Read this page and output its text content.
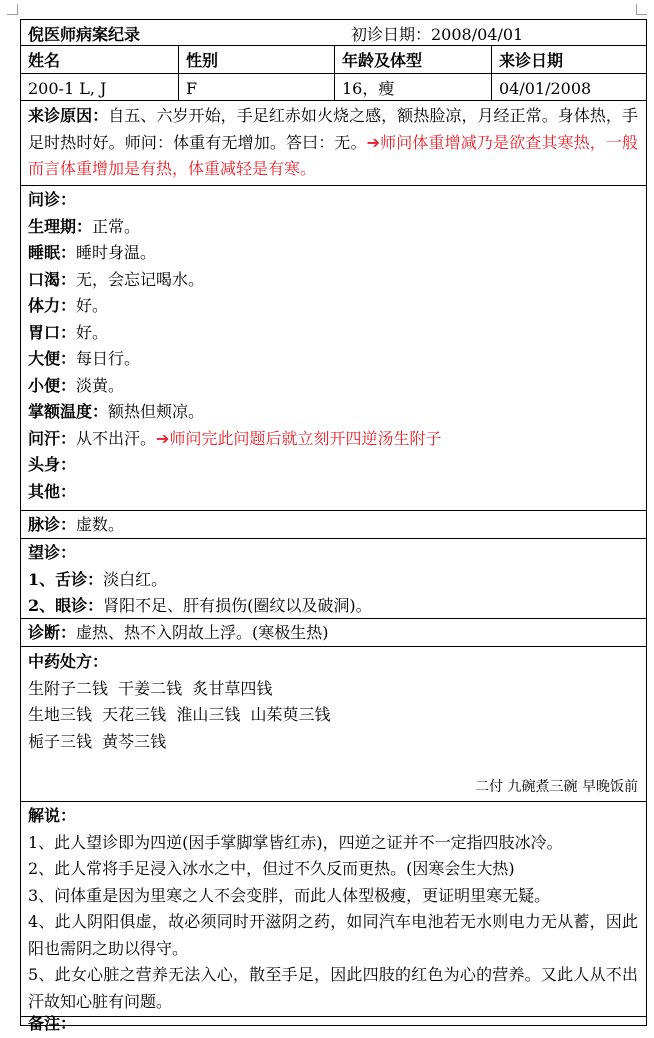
倪医师病案纪录	初诊日期：2008/04/01
姓名	性别	年龄及体型	来诊日期
200-1 L, J	F	16，瘦	04/01/2008
来诊原因：自五、六岁开始，手足红赤如火烧之感，额热脸凉，月经正常。身体热，手足时热时好。师问：体重有无增加。答曰：无。➔师问体重增减乃是欲查其寒热，一般而言体重增加是有热，体重减轻是有寒。
问诊：
生理期：正常。
睡眠：睡时身温。
口渴：无，会忘记喝水。
体力：好。
胃口：好。
大便：每日行。
小便：淡黄。
掌额温度：额热但颊凉。
问汗：从不出汗。➔师问完此问题后就立刻开四逆汤生附子
头身：
其他：
脉诊：虚数。
望诊：
1、舌诊：淡白红。
2、眼诊：肾阳不足、肝有损伤(圈纹以及破洞)。
诊断：虚热、热不入阴故上浮。(寒极生热)
中药处方：
生附子二钱  干姜二钱  炙甘草四钱
生地三钱  天花三钱  淮山三钱  山茱萸三钱
栀子三钱  黄芩三钱
二付 九碗煮三碗 早晚饭前
解说：
1、此人望诊即为四逆(因手掌脚掌皆红赤)，四逆之证并不一定指四肢冰冷。
2、此人常将手足浸入冰水之中，但过不久反而更热。(因寒会生大热)
3、问体重是因为里寒之人不会变胖，而此人体型极瘦，更证明里寒无疑。
4、此人阴阳俱虚，故必须同时开滋阴之药，如同汽车电池若无水则电力无从蓄，因此阳也需阴之助以得守。
5、此女心脏之营养无法入心，散至手足，因此四肢的红色为心的营养。又此人从不出汗故知心脏有问题。
备注：
